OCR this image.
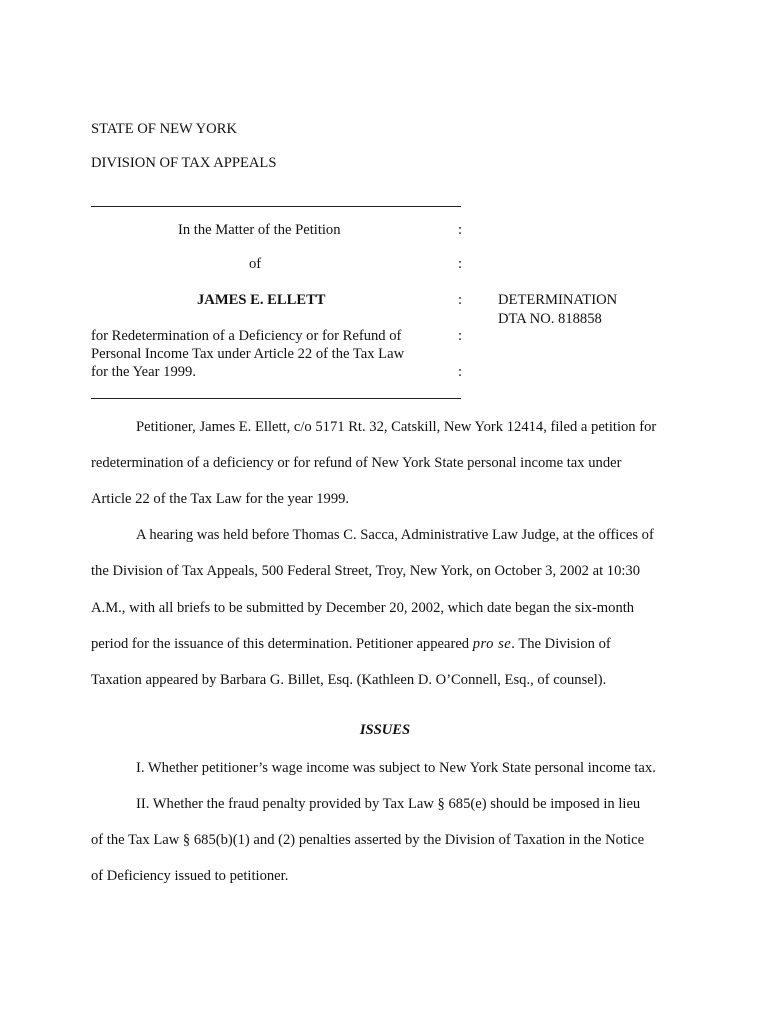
STATE OF NEW YORK
DIVISION OF TAX APPEALS
In the Matter of the Petition	:
of	:
JAMES E. ELLETT	: DETERMINATION
DTA NO. 818858
for Redetermination of a Deficiency or for Refund of	:
Personal Income Tax under Article 22 of the Tax Law
for the Year 1999.	:
Petitioner, James E. Ellett, c/o 5171 Rt. 32, Catskill, New York 12414, filed a petition for
redetermination of a deficiency or for refund of New York State personal income tax under
Article 22 of the Tax Law for the year 1999.
A hearing was held before Thomas C. Sacca, Administrative Law Judge, at the offices of
the Division of Tax Appeals, 500 Federal Street, Troy, New York, on October 3, 2002 at 10:30
A.M., with all briefs to be submitted by December 20, 2002, which date began the six-month
period for the issuance of this determination. Petitioner appeared pro se. The Division of
Taxation appeared by Barbara G. Billet, Esq. (Kathleen D. O’Connell, Esq., of counsel).
ISSUES
I. Whether petitioner’s wage income was subject to New York State personal income tax.
II. Whether the fraud penalty provided by Tax Law § 685(e) should be imposed in lieu
of the Tax Law § 685(b)(1) and (2) penalties asserted by the Division of Taxation in the Notice
of Deficiency issued to petitioner.
